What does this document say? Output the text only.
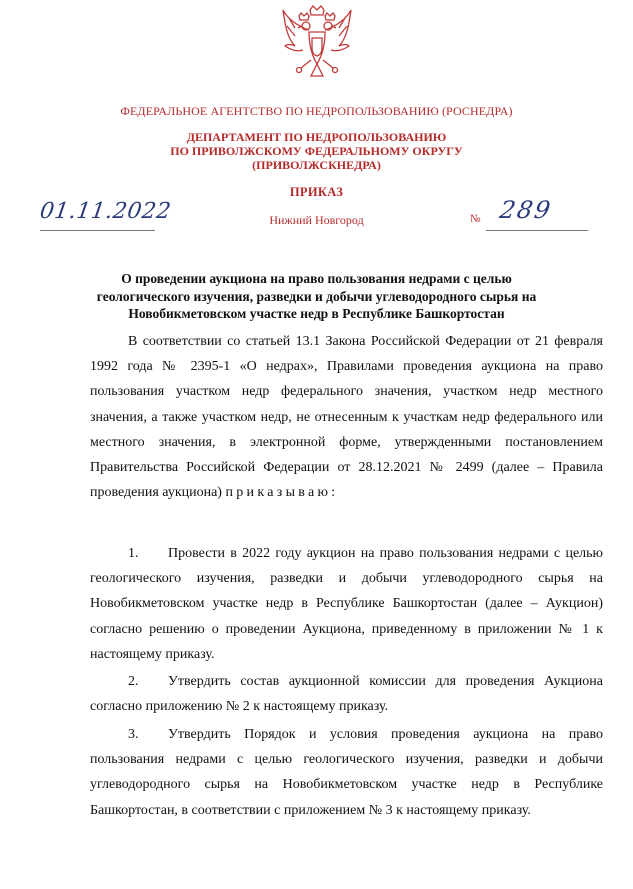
ФЕДЕРАЛЬНОЕ АГЕНТСТВО ПО НЕДРОПОЛЬЗОВАНИЮ (РОСНЕДРА)
ДЕПАРТАМЕНТ ПО НЕДРОПОЛЬЗОВАНИЮ
ПО ПРИВОЛЖСКОМУ ФЕДЕРАЛЬНОМУ ОКРУГУ
(ПРИВОЛЖСКНЕДРА)
ПРИКАЗ
01.11.2022	Нижний Новгород	№ 289
О проведении аукциона на право пользования недрами с целью
геологического изучения, разведки и добычи углеводородного сырья на
Новобикметовском участке недр в Республике Башкортостан
В соответствии со статьей 13.1 Закона Российской Федерации от 21 февраля 1992 года № 2395-1 «О недрах», Правилами проведения аукциона на право пользования участком недр федерального значения, участком недр местного значения, а также участком недр, не отнесенным к участкам недр федерального или местного значения, в электронной форме, утвержденными постановлением Правительства Российской Федерации от 28.12.2021 № 2499 (далее – Правила проведения аукциона) приказываю:
1. Провести в 2022 году аукцион на право пользования недрами с целью геологического изучения, разведки и добычи углеводородного сырья на Новобикметовском участке недр в Республике Башкортостан (далее – Аукцион) согласно решению о проведении Аукциона, приведенному в приложении № 1 к настоящему приказу.
2. Утвердить состав аукционной комиссии для проведения Аукциона согласно приложению № 2 к настоящему приказу.
3. Утвердить Порядок и условия проведения аукциона на право пользования недрами с целью геологического изучения, разведки и добычи углеводородного сырья на Новобикметовском участке недр в Республике Башкортостан, в соответствии с приложением № 3 к настоящему приказу.
